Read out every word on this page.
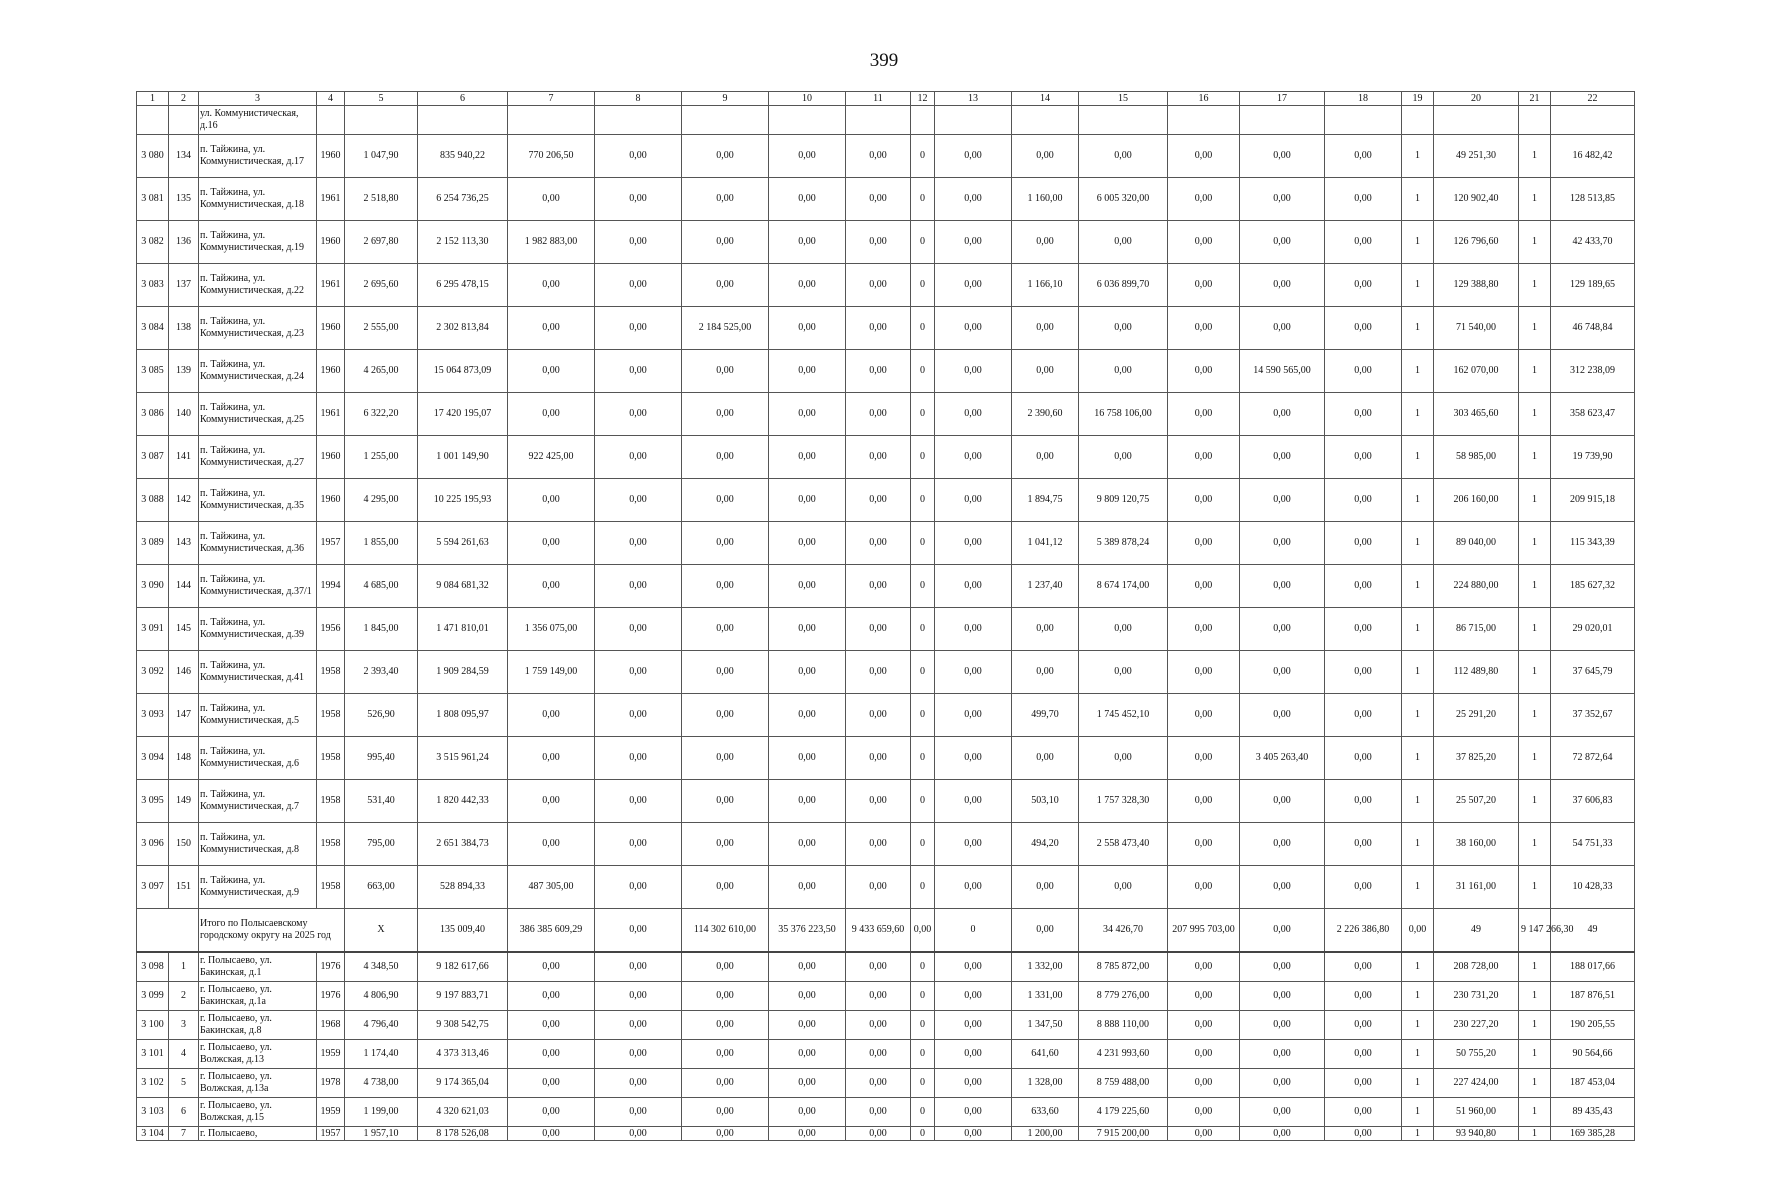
399
1	2	3	4	5	6	7	8	9	10	11	12	13	14	15	16	17	18	19	20	21	22	
		ул. Коммунистическая, д.16																				
3 080	134	п. Тайжина, ул. Коммунистическая, д.17	1960	1 047,90	835 940,22	770 206,50	0,00	0,00	0,00	0,00	0	0,00	0,00	0,00	0,00	0,00	0,00	1	49 251,30	1	16 482,42	
3 081	135	п. Тайжина, ул. Коммунистическая, д.18	1961	2 518,80	6 254 736,25	0,00	0,00	0,00	0,00	0,00	0	0,00	1 160,00	6 005 320,00	0,00	0,00	0,00	1	120 902,40	1	128 513,85	
3 082	136	п. Тайжина, ул. Коммунистическая, д.19	1960	2 697,80	2 152 113,30	1 982 883,00	0,00	0,00	0,00	0,00	0	0,00	0,00	0,00	0,00	0,00	0,00	1	126 796,60	1	42 433,70	
3 083	137	п. Тайжина, ул. Коммунистическая, д.22	1961	2 695,60	6 295 478,15	0,00	0,00	0,00	0,00	0,00	0	0,00	1 166,10	6 036 899,70	0,00	0,00	0,00	1	129 388,80	1	129 189,65	
3 084	138	п. Тайжина, ул. Коммунистическая, д.23	1960	2 555,00	2 302 813,84	0,00	0,00	2 184 525,00	0,00	0,00	0	0,00	0,00	0,00	0,00	0,00	0,00	1	71 540,00	1	46 748,84	
3 085	139	п. Тайжина, ул. Коммунистическая, д.24	1960	4 265,00	15 064 873,09	0,00	0,00	0,00	0,00	0,00	0	0,00	0,00	0,00	0,00	14 590 565,00	0,00	1	162 070,00	1	312 238,09	
3 086	140	п. Тайжина, ул. Коммунистическая, д.25	1961	6 322,20	17 420 195,07	0,00	0,00	0,00	0,00	0,00	0	0,00	2 390,60	16 758 106,00	0,00	0,00	0,00	1	303 465,60	1	358 623,47	
3 087	141	п. Тайжина, ул. Коммунистическая, д.27	1960	1 255,00	1 001 149,90	922 425,00	0,00	0,00	0,00	0,00	0	0,00	0,00	0,00	0,00	0,00	0,00	1	58 985,00	1	19 739,90	
3 088	142	п. Тайжина, ул. Коммунистическая, д.35	1960	4 295,00	10 225 195,93	0,00	0,00	0,00	0,00	0,00	0	0,00	1 894,75	9 809 120,75	0,00	0,00	0,00	1	206 160,00	1	209 915,18	
3 089	143	п. Тайжина, ул. Коммунистическая, д.36	1957	1 855,00	5 594 261,63	0,00	0,00	0,00	0,00	0,00	0	0,00	1 041,12	5 389 878,24	0,00	0,00	0,00	1	89 040,00	1	115 343,39	
3 090	144	п. Тайжина, ул. Коммунистическая, д.37/1	1994	4 685,00	9 084 681,32	0,00	0,00	0,00	0,00	0,00	0	0,00	1 237,40	8 674 174,00	0,00	0,00	0,00	1	224 880,00	1	185 627,32	
3 091	145	п. Тайжина, ул. Коммунистическая, д.39	1956	1 845,00	1 471 810,01	1 356 075,00	0,00	0,00	0,00	0,00	0	0,00	0,00	0,00	0,00	0,00	0,00	1	86 715,00	1	29 020,01	
3 092	146	п. Тайжина, ул. Коммунистическая, д.41	1958	2 393,40	1 909 284,59	1 759 149,00	0,00	0,00	0,00	0,00	0	0,00	0,00	0,00	0,00	0,00	0,00	1	112 489,80	1	37 645,79	
3 093	147	п. Тайжина, ул. Коммунистическая, д.5	1958	526,90	1 808 095,97	0,00	0,00	0,00	0,00	0,00	0	0,00	499,70	1 745 452,10	0,00	0,00	0,00	1	25 291,20	1	37 352,67	
3 094	148	п. Тайжина, ул. Коммунистическая, д.6	1958	995,40	3 515 961,24	0,00	0,00	0,00	0,00	0,00	0	0,00	0,00	0,00	0,00	3 405 263,40	0,00	1	37 825,20	1	72 872,64	
3 095	149	п. Тайжина, ул. Коммунистическая, д.7	1958	531,40	1 820 442,33	0,00	0,00	0,00	0,00	0,00	0	0,00	503,10	1 757 328,30	0,00	0,00	0,00	1	25 507,20	1	37 606,83	
3 096	150	п. Тайжина, ул. Коммунистическая, д.8	1958	795,00	2 651 384,73	0,00	0,00	0,00	0,00	0,00	0	0,00	494,20	2 558 473,40	0,00	0,00	0,00	1	38 160,00	1	54 751,33	
3 097	151	п. Тайжина, ул. Коммунистическая, д.9	1958	663,00	528 894,33	487 305,00	0,00	0,00	0,00	0,00	0	0,00	0,00	0,00	0,00	0,00	0,00	1	31 161,00	1	10 428,33	
		Итого по Полысаевскому городскому округу на 2025 год		X	135 009,40	386 385 609,29	0,00	114 302 610,00	35 376 223,50	9 433 659,60	0,00	0	0,00	34 426,70	207 995 703,00	0,00	2 226 386,80	0,00	49	9 147 266,30	49	
3 098	1	г. Полысаево, ул. Бакинская, д.1	1976	4 348,50	9 182 617,66	0,00	0,00	0,00	0,00	0,00	0	0,00	1 332,00	8 785 872,00	0,00	0,00	0,00	1	208 728,00	1	188 017,66	
3 099	2	г. Полысаево, ул. Бакинская, д.1а	1976	4 806,90	9 197 883,71	0,00	0,00	0,00	0,00	0,00	0	0,00	1 331,00	8 779 276,00	0,00	0,00	0,00	1	230 731,20	1	187 876,51	
3 100	3	г. Полысаево, ул. Бакинская, д.8	1968	4 796,40	9 308 542,75	0,00	0,00	0,00	0,00	0,00	0	0,00	1 347,50	8 888 110,00	0,00	0,00	0,00	1	230 227,20	1	190 205,55	
3 101	4	г. Полысаево, ул. Волжская, д.13	1959	1 174,40	4 373 313,46	0,00	0,00	0,00	0,00	0,00	0	0,00	641,60	4 231 993,60	0,00	0,00	0,00	1	50 755,20	1	90 564,66	
3 102	5	г. Полысаево, ул. Волжская, д.13а	1978	4 738,00	9 174 365,04	0,00	0,00	0,00	0,00	0,00	0	0,00	1 328,00	8 759 488,00	0,00	0,00	0,00	1	227 424,00	1	187 453,04	
3 103	6	г. Полысаево, ул. Волжская, д.15	1959	1 199,00	4 320 621,03	0,00	0,00	0,00	0,00	0,00	0	0,00	633,60	4 179 225,60	0,00	0,00	0,00	1	51 960,00	1	89 435,43	
3 104	7	г. Полысаево,	1957	1 957,10	8 178 526,08	0,00	0,00	0,00	0,00	0,00	0	0,00	1 200,00	7 915 200,00	0,00	0,00	0,00	1	93 940,80	1	169 385,28	
